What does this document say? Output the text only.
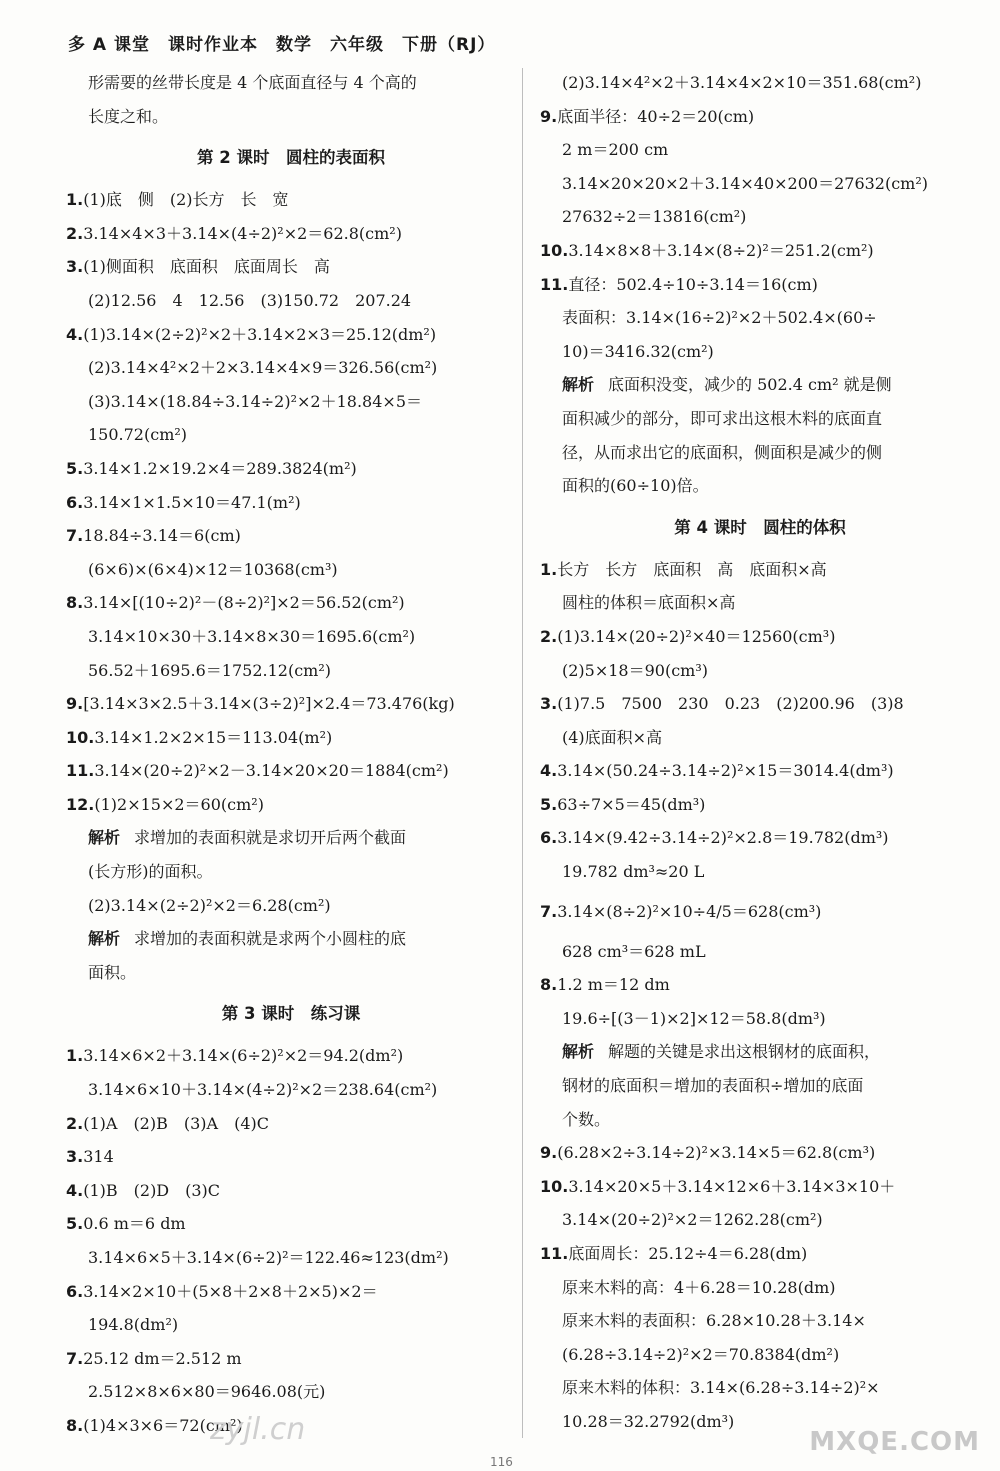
多 A 课堂　课时作业本　数学　六年级　下册（RJ）
形需要的丝带长度是 4 个底面直径与 4 个高的
长度之和。
第 2 课时　圆柱的表面积
1.(1)底　侧　(2)长方　长　宽
2.3.14×4×3＋3.14×(4÷2)²×2＝62.8(cm²)
3.(1)侧面积　底面积　底面周长　高
(2)12.56　4　12.56　(3)150.72　207.24
4.(1)3.14×(2÷2)²×2＋3.14×2×3＝25.12(dm²)
(2)3.14×4²×2＋2×3.14×4×9＝326.56(cm²)
(3)3.14×(18.84÷3.14÷2)²×2＋18.84×5＝
150.72(cm²)
5.3.14×1.2×19.2×4＝289.3824(m²)
6.3.14×1×1.5×10＝47.1(m²)
7.18.84÷3.14＝6(cm)
(6×6)×(6×4)×12＝10368(cm³)
8.3.14×[(10÷2)²－(8÷2)²]×2＝56.52(cm²)
3.14×10×30＋3.14×8×30＝1695.6(cm²)
56.52＋1695.6＝1752.12(cm²)
9.[3.14×3×2.5＋3.14×(3÷2)²]×2.4＝73.476(kg)
10.3.14×1.2×2×15＝113.04(m²)
11.3.14×(20÷2)²×2－3.14×20×20＝1884(cm²)
12.(1)2×15×2＝60(cm²)
解析 求增加的表面积就是求切开后两个截面
(长方形)的面积。
(2)3.14×(2÷2)²×2＝6.28(cm²)
解析 求增加的表面积就是求两个小圆柱的底
面积。
第 3 课时　练习课
1.3.14×6×2＋3.14×(6÷2)²×2＝94.2(dm²)
3.14×6×10＋3.14×(4÷2)²×2＝238.64(cm²)
2.(1)A　(2)B　(3)A　(4)C
3.314
4.(1)B　(2)D　(3)C
5.0.6 m＝6 dm
3.14×6×5＋3.14×(6÷2)²＝122.46≈123(dm²)
6.3.14×2×10＋(5×8＋2×8＋2×5)×2＝
194.8(dm²)
7.25.12 dm＝2.512 m
2.512×8×6×80＝9646.08(元)
8.(1)4×3×6＝72(cm²)
(2)3.14×4²×2＋3.14×4×2×10＝351.68(cm²)
9.底面半径：40÷2＝20(cm)
2 m＝200 cm
3.14×20×20×2＋3.14×40×200＝27632(cm²)
27632÷2＝13816(cm²)
10.3.14×8×8＋3.14×(8÷2)²＝251.2(cm²)
11.直径：502.4÷10÷3.14＝16(cm)
表面积：3.14×(16÷2)²×2＋502.4×(60÷
10)＝3416.32(cm²)
解析 底面积没变，减少的 502.4 cm² 就是侧
面积减少的部分，即可求出这根木料的底面直
径，从而求出它的底面积，侧面积是减少的侧
面积的(60÷10)倍。
第 4 课时　圆柱的体积
1.长方　长方　底面积　高　底面积×高
圆柱的体积＝底面积×高
2.(1)3.14×(20÷2)²×40＝12560(cm³)
(2)5×18＝90(cm³)
3.(1)7.5　7500　230　0.23　(2)200.96　(3)8
(4)底面积×高
4.3.14×(50.24÷3.14÷2)²×15＝3014.4(dm³)
5.63÷7×5＝45(dm³)
6.3.14×(9.42÷3.14÷2)²×2.8＝19.782(dm³)
19.782 dm³≈20 L
7.3.14×(8÷2)²×10÷4/5＝628(cm³)
628 cm³＝628 mL
8.1.2 m＝12 dm
19.6÷[(3－1)×2]×12＝58.8(dm³)
解析 解题的关键是求出这根钢材的底面积，
钢材的底面积＝增加的表面积÷增加的底面
个数。
9.(6.28×2÷3.14÷2)²×3.14×5＝62.8(cm³)
10.3.14×20×5＋3.14×12×6＋3.14×3×10＋
3.14×(20÷2)²×2＝1262.28(cm²)
11.底面周长：25.12÷4＝6.28(dm)
原来木料的高：4＋6.28＝10.28(dm)
原来木料的表面积：6.28×10.28＋3.14×
(6.28÷3.14÷2)²×2＝70.8384(dm²)
原来木料的体积：3.14×(6.28÷3.14÷2)²×
10.28＝32.2792(dm³)
zyjl.cn	MXQE.COM
116
